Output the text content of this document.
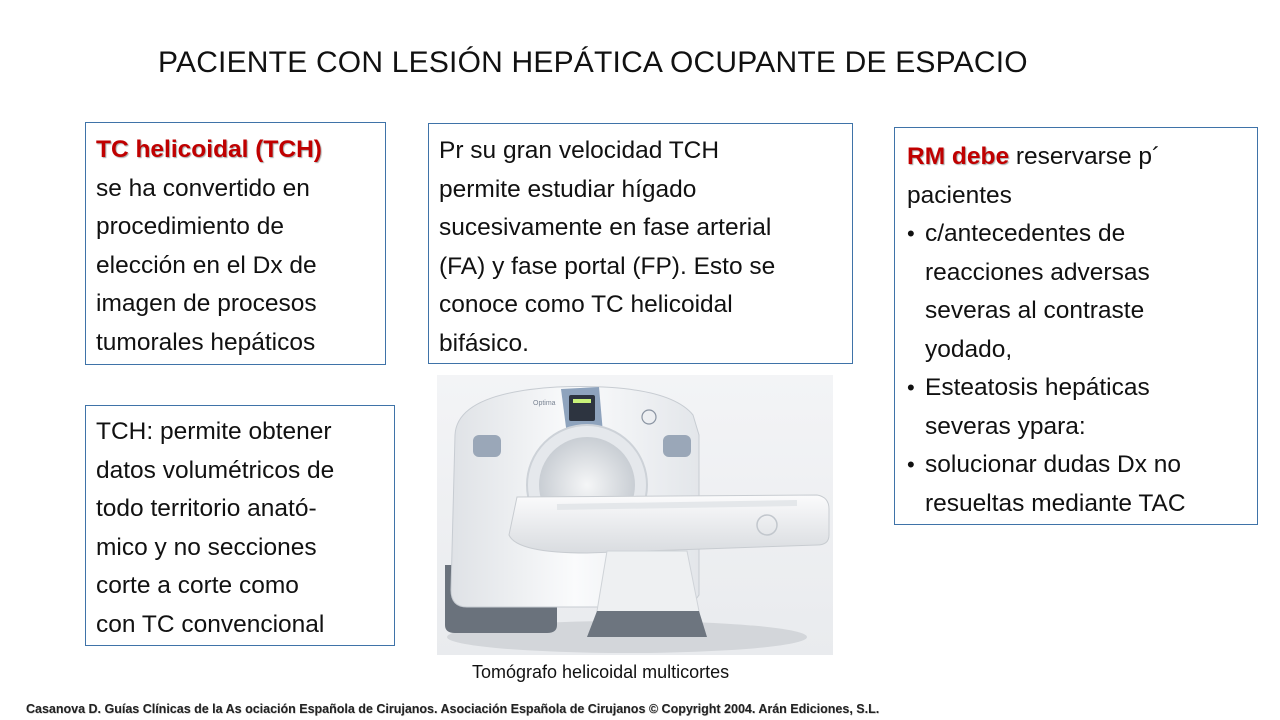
PACIENTE CON LESIÓN HEPÁTICA OCUPANTE DE ESPACIO
TC helicoidal (TCH)
se ha convertido en
procedimiento de
elección en el Dx de
imagen de procesos
tumorales hepáticos
Pr su gran velocidad TCH
permite estudiar hígado
sucesivamente en fase arterial
(FA) y fase portal (FP). Esto se
conoce como TC helicoidal
bifásico.
RM debe reservarse p´
pacientes
• c/antecedentes de
reacciones adversas
severas al contraste
yodado,
• Esteatosis hepáticas
severas ypara:
• solucionar dudas Dx no
resueltas mediante TAC
TCH: permite obtener
datos volumétricos de
todo territorio anató-
mico y no secciones
corte a corte como
con TC convencional
Optima
Tomógrafo helicoidal multicortes
Casanova D. Guías Clínicas de la As ociación Española de Cirujanos. Asociación Española de Cirujanos © Copyright 2004. Arán Ediciones, S.L.
